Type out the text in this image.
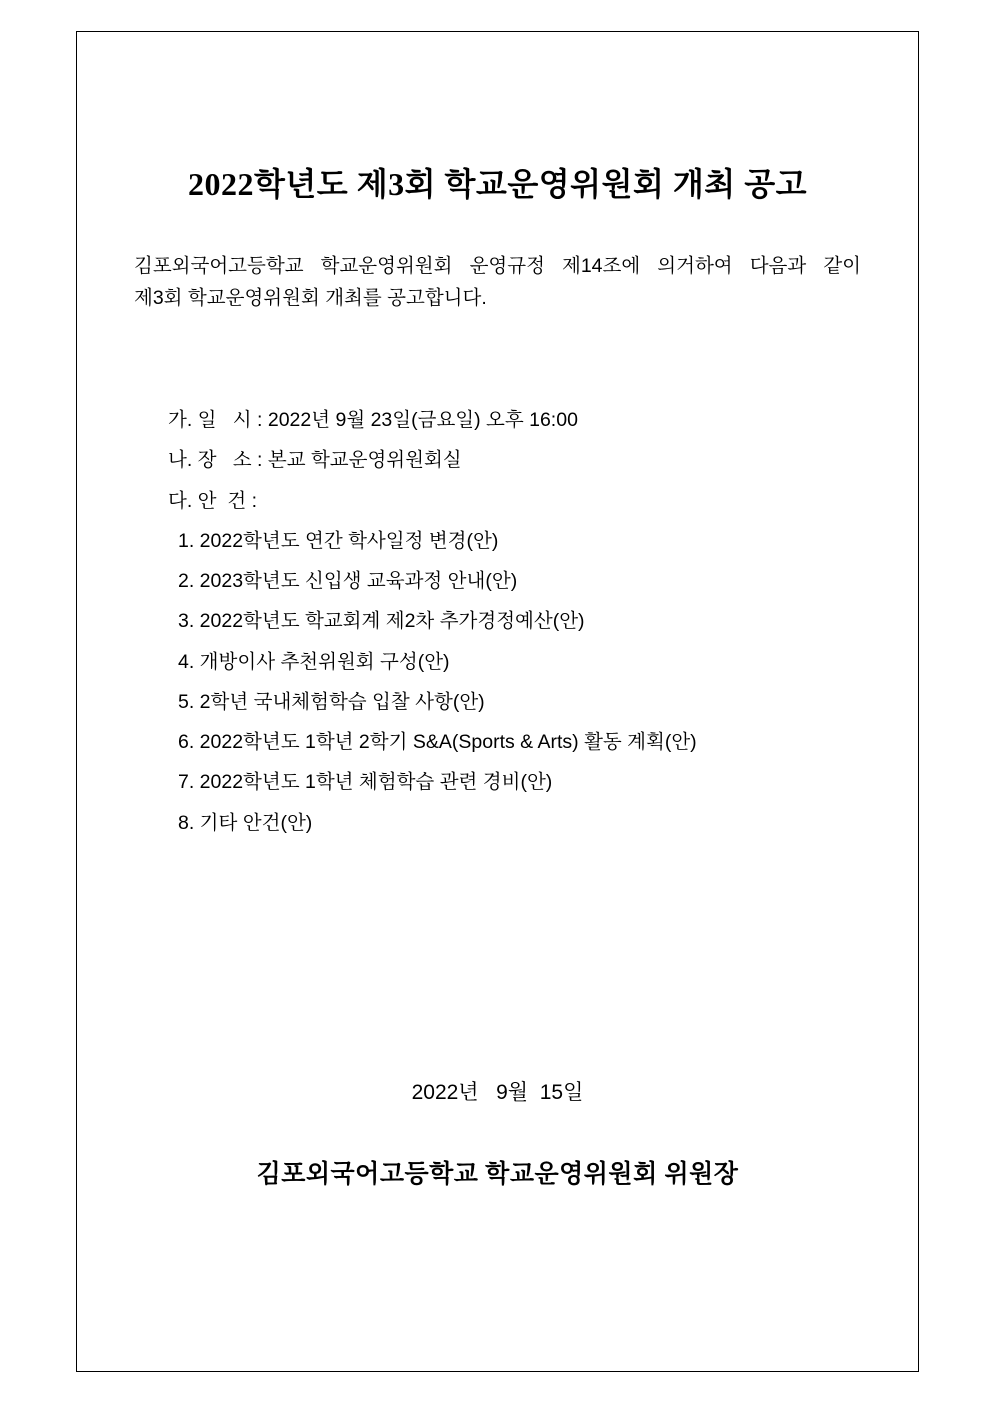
2022학년도 제3회 학교운영위원회 개최 공고
김포외국어고등학교 학교운영위원회 운영규정 제14조에 의거하여 다음과 같이
제3회 학교운영위원회 개최를 공고합니다.
가. 일   시 : 2022년 9월 23일(금요일) 오후 16:00
나. 장   소 : 본교 학교운영위원회실
다. 안  건 :
1. 2022학년도 연간 학사일정 변경(안)
2. 2023학년도 신입생 교육과정 안내(안)
3. 2022학년도 학교회계 제2차 추가경정예산(안)
4. 개방이사 추천위원회 구성(안)
5. 2학년 국내체험학습 입찰 사항(안)
6. 2022학년도 1학년 2학기 S&A(Sports & Arts) 활동 계획(안)
7. 2022학년도 1학년 체험학습 관련 경비(안)
8. 기타 안건(안)
2022년   9월  15일
김포외국어고등학교 학교운영위원회 위원장
